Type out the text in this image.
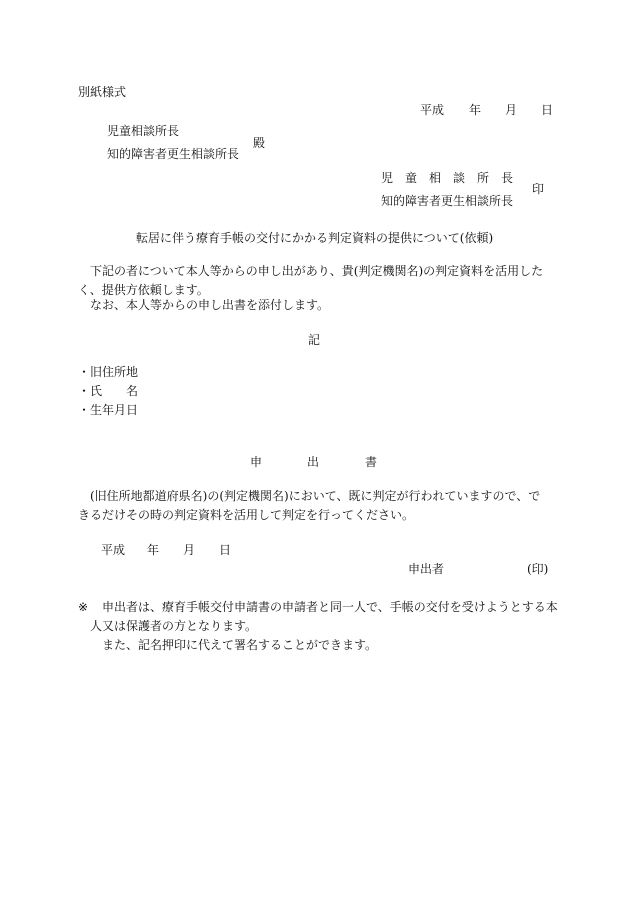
別紙様式
平成 年 月 日
児童相談所長
知的障害者更生相談所長
殿
児　童　相　談　所　長
知的障害者更生相談所長
印
転居に伴う療育手帳の交付にかかる判定資料の提供について(依頼)
下記の者について本人等からの申し出があり、貴(判定機関名)の判定資料を活用したく、提供方依頼します。
なお、本人等からの申し出書を添付します。
記
・旧住所地
・氏　　名
・生年月日
申	出	書
(旧住所地都道府県名)の(判定機関名)において、既に判定が行われていますので、できるだけその時の判定資料を活用して判定を行ってください。
平成 年 月 日
申出者	(印)
※ 申出者は、療育手帳交付申請書の申請者と同一人で、手帳の交付を受けようとする本
人又は保護者の方となります。
また、記名押印に代えて署名することができます。
